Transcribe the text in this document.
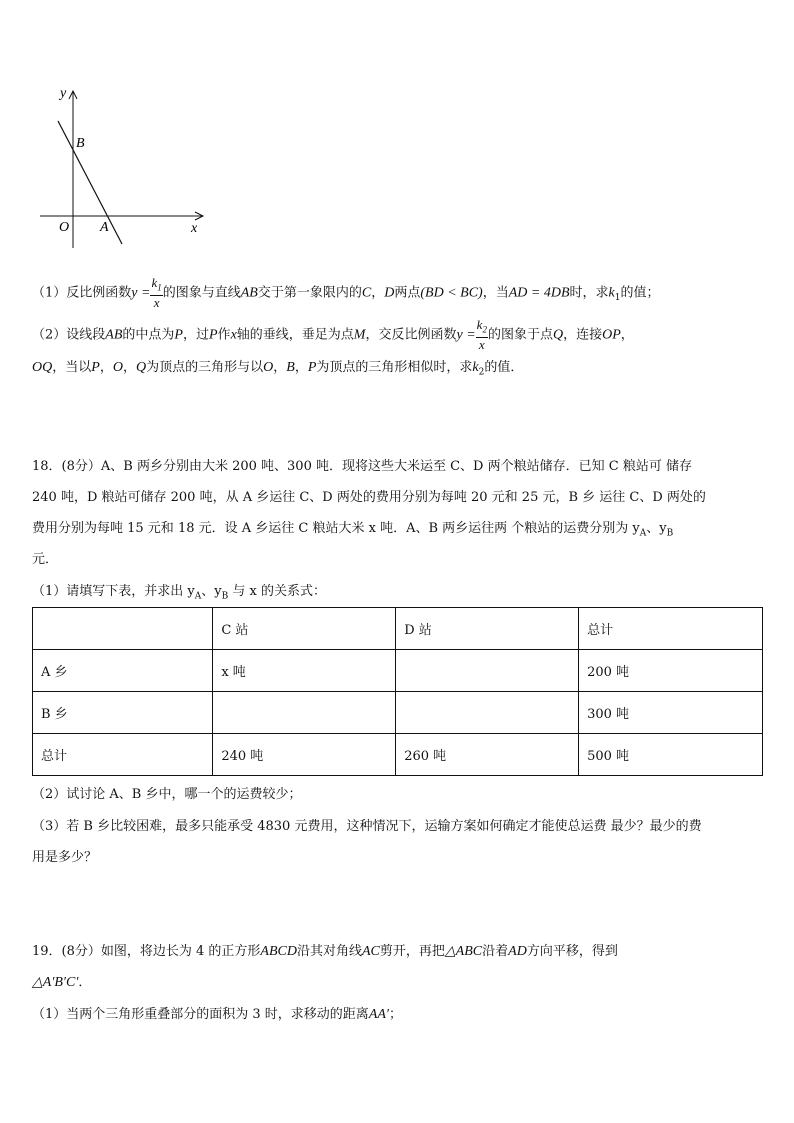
y
B
O A	x
（1）反比例函数$y = \frac{k_1}{x}$ 的图象与直线AB交于第一象限内的C，D两点(BD < BC)，当AD = 4DB时，求$k_1$的值；
（2）设线段AB的中点为P，过P作x轴的垂线，垂足为点M，交反比例函数$y = \frac{k_2}{x}$ 的图象于点Q，连接OP，
OQ，当以P，O，Q为顶点的三角形与以O，B，P为顶点的三角形相似时，求$k_2$的值．
18．(8分）A、B 两乡分别由大米 200 吨、300 吨．现将这些大米运至 C、D 两个粮站储存．已知 C 粮站可 储存
240 吨，D 粮站可储存 200 吨，从 A 乡运往 C、D 两处的费用分别为每吨 20 元和 25 元，B 乡 运往 C、D 两处的
费用分别为每吨 15 元和 18 元．设 A 乡运往 C 粮站大米 x 吨．A、B 两乡运往两 个粮站的运费分别为 $y_A$、$y_B$
元．
（1）请填写下表，并求出 $y_A$、$y_B$ 与 x 的关系式：
	C 站	D 站	总计
A 乡	x 吨		200 吨
B 乡			300 吨
总计	240 吨	260 吨	500 吨
（2）试讨论 A、B 乡中，哪一个的运费较少；
（3）若 B 乡比较困难，最多只能承受 4830 元费用，这种情况下，运输方案如何确定才能使总运费 最少？最少的费
用是多少？
19．(8分）如图，将边长为 4 的正方形ABCD沿其对角线AC剪开，再把△ABC沿着AD方向平移，得到
△A′B′C′．
（1）当两个三角形重叠部分的面积为 3 时，求移动的距离AA′；
